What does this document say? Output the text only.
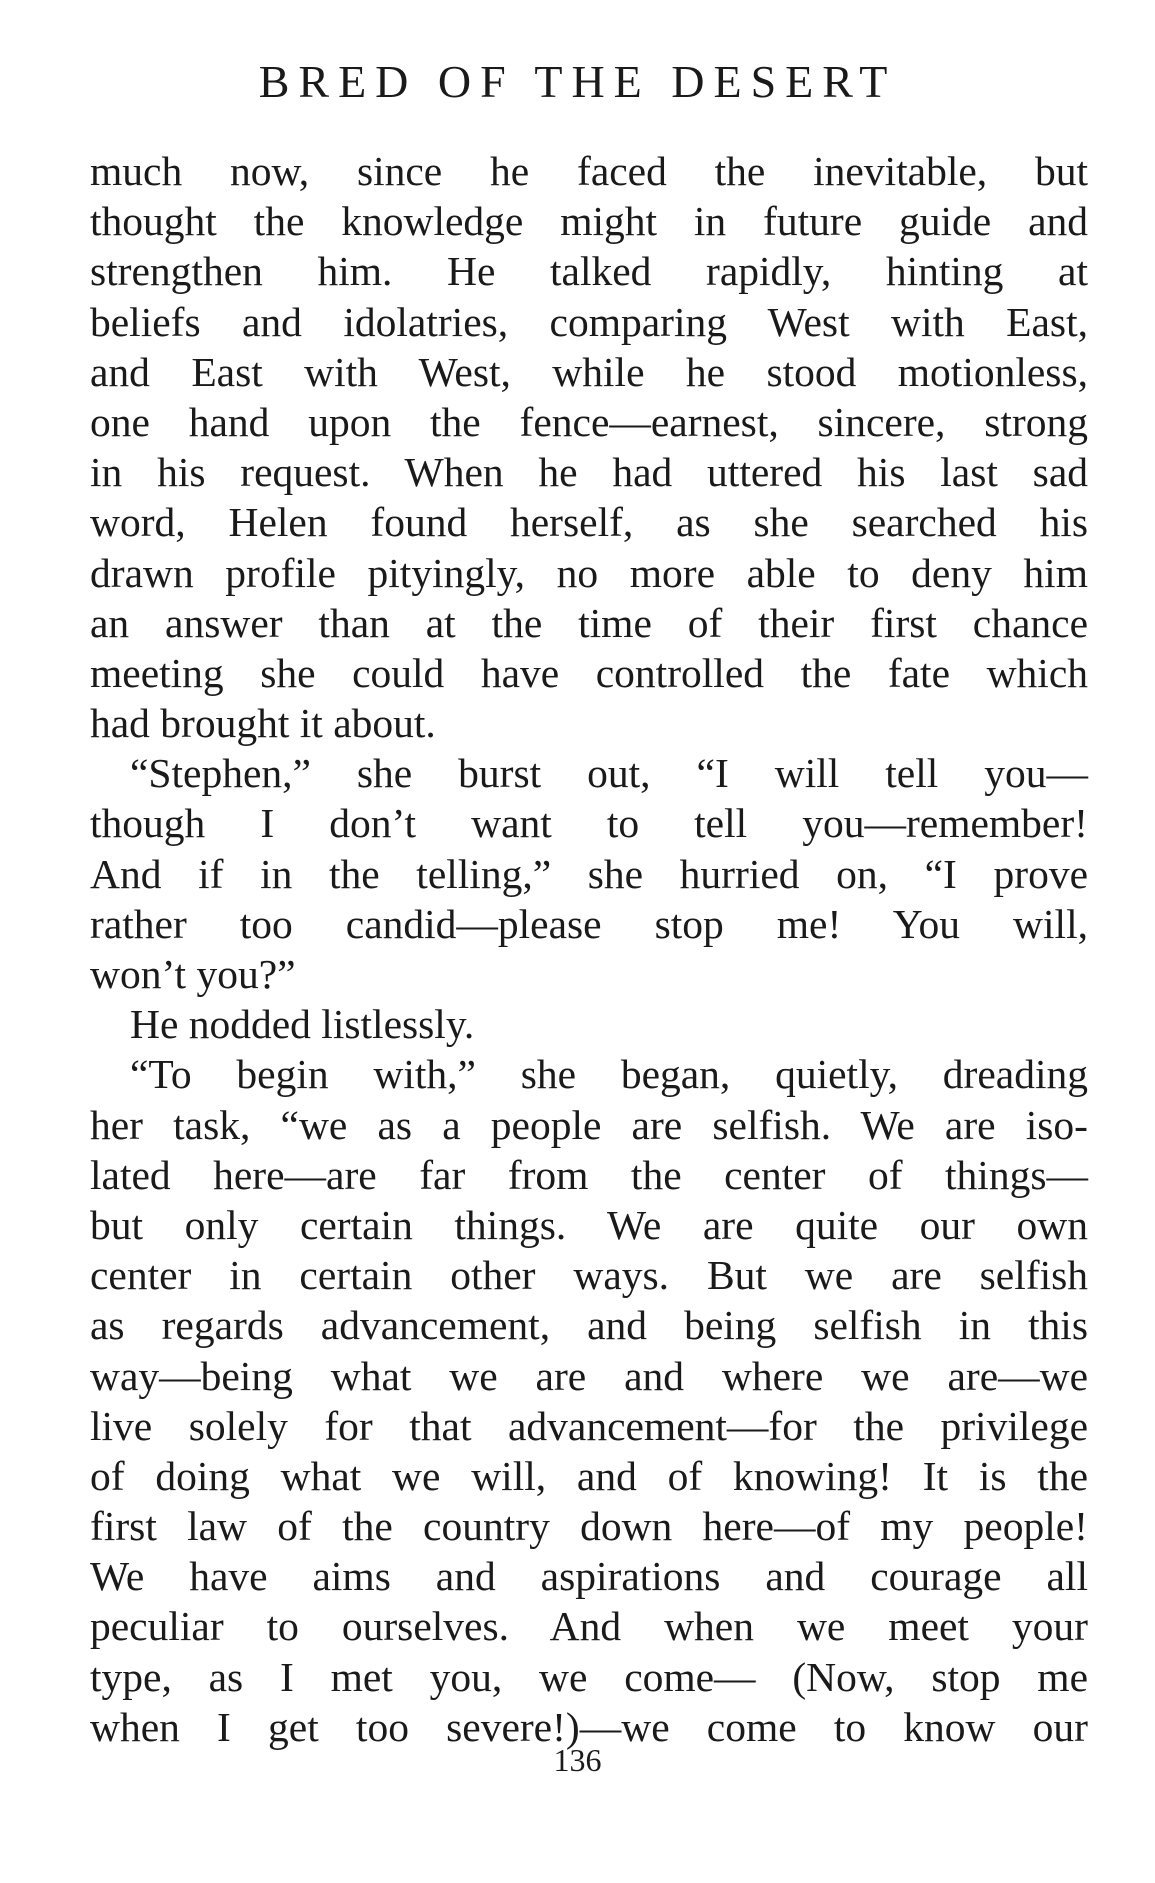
BRED OF THE DESERT
much now, since he faced the inevitable, but
thought the knowledge might in future guide and
strengthen him. He talked rapidly, hinting at
beliefs and idolatries, comparing West with East,
and East with West, while he stood motionless,
one hand upon the fence—earnest, sincere, strong
in his request. When he had uttered his last sad
word, Helen found herself, as she searched his
drawn profile pityingly, no more able to deny him
an answer than at the time of their first chance
meeting she could have controlled the fate which
had brought it about.
“Stephen,” she burst out, “I will tell you—
though I don’t want to tell you—remember!
And if in the telling,” she hurried on, “I prove
rather too candid—please stop me! You will,
won’t you?”
He nodded listlessly.
“To begin with,” she began, quietly, dreading
her task, “we as a people are selfish. We are iso-
lated here—are far from the center of things—
but only certain things. We are quite our own
center in certain other ways. But we are selfish
as regards advancement, and being selfish in this
way—being what we are and where we are—we
live solely for that advancement—for the privilege
of doing what we will, and of knowing! It is the
first law of the country down here—of my people!
We have aims and aspirations and courage all
peculiar to ourselves. And when we meet your
type, as I met you, we come— (Now, stop me
when I get too severe!)—we come to know our
136
